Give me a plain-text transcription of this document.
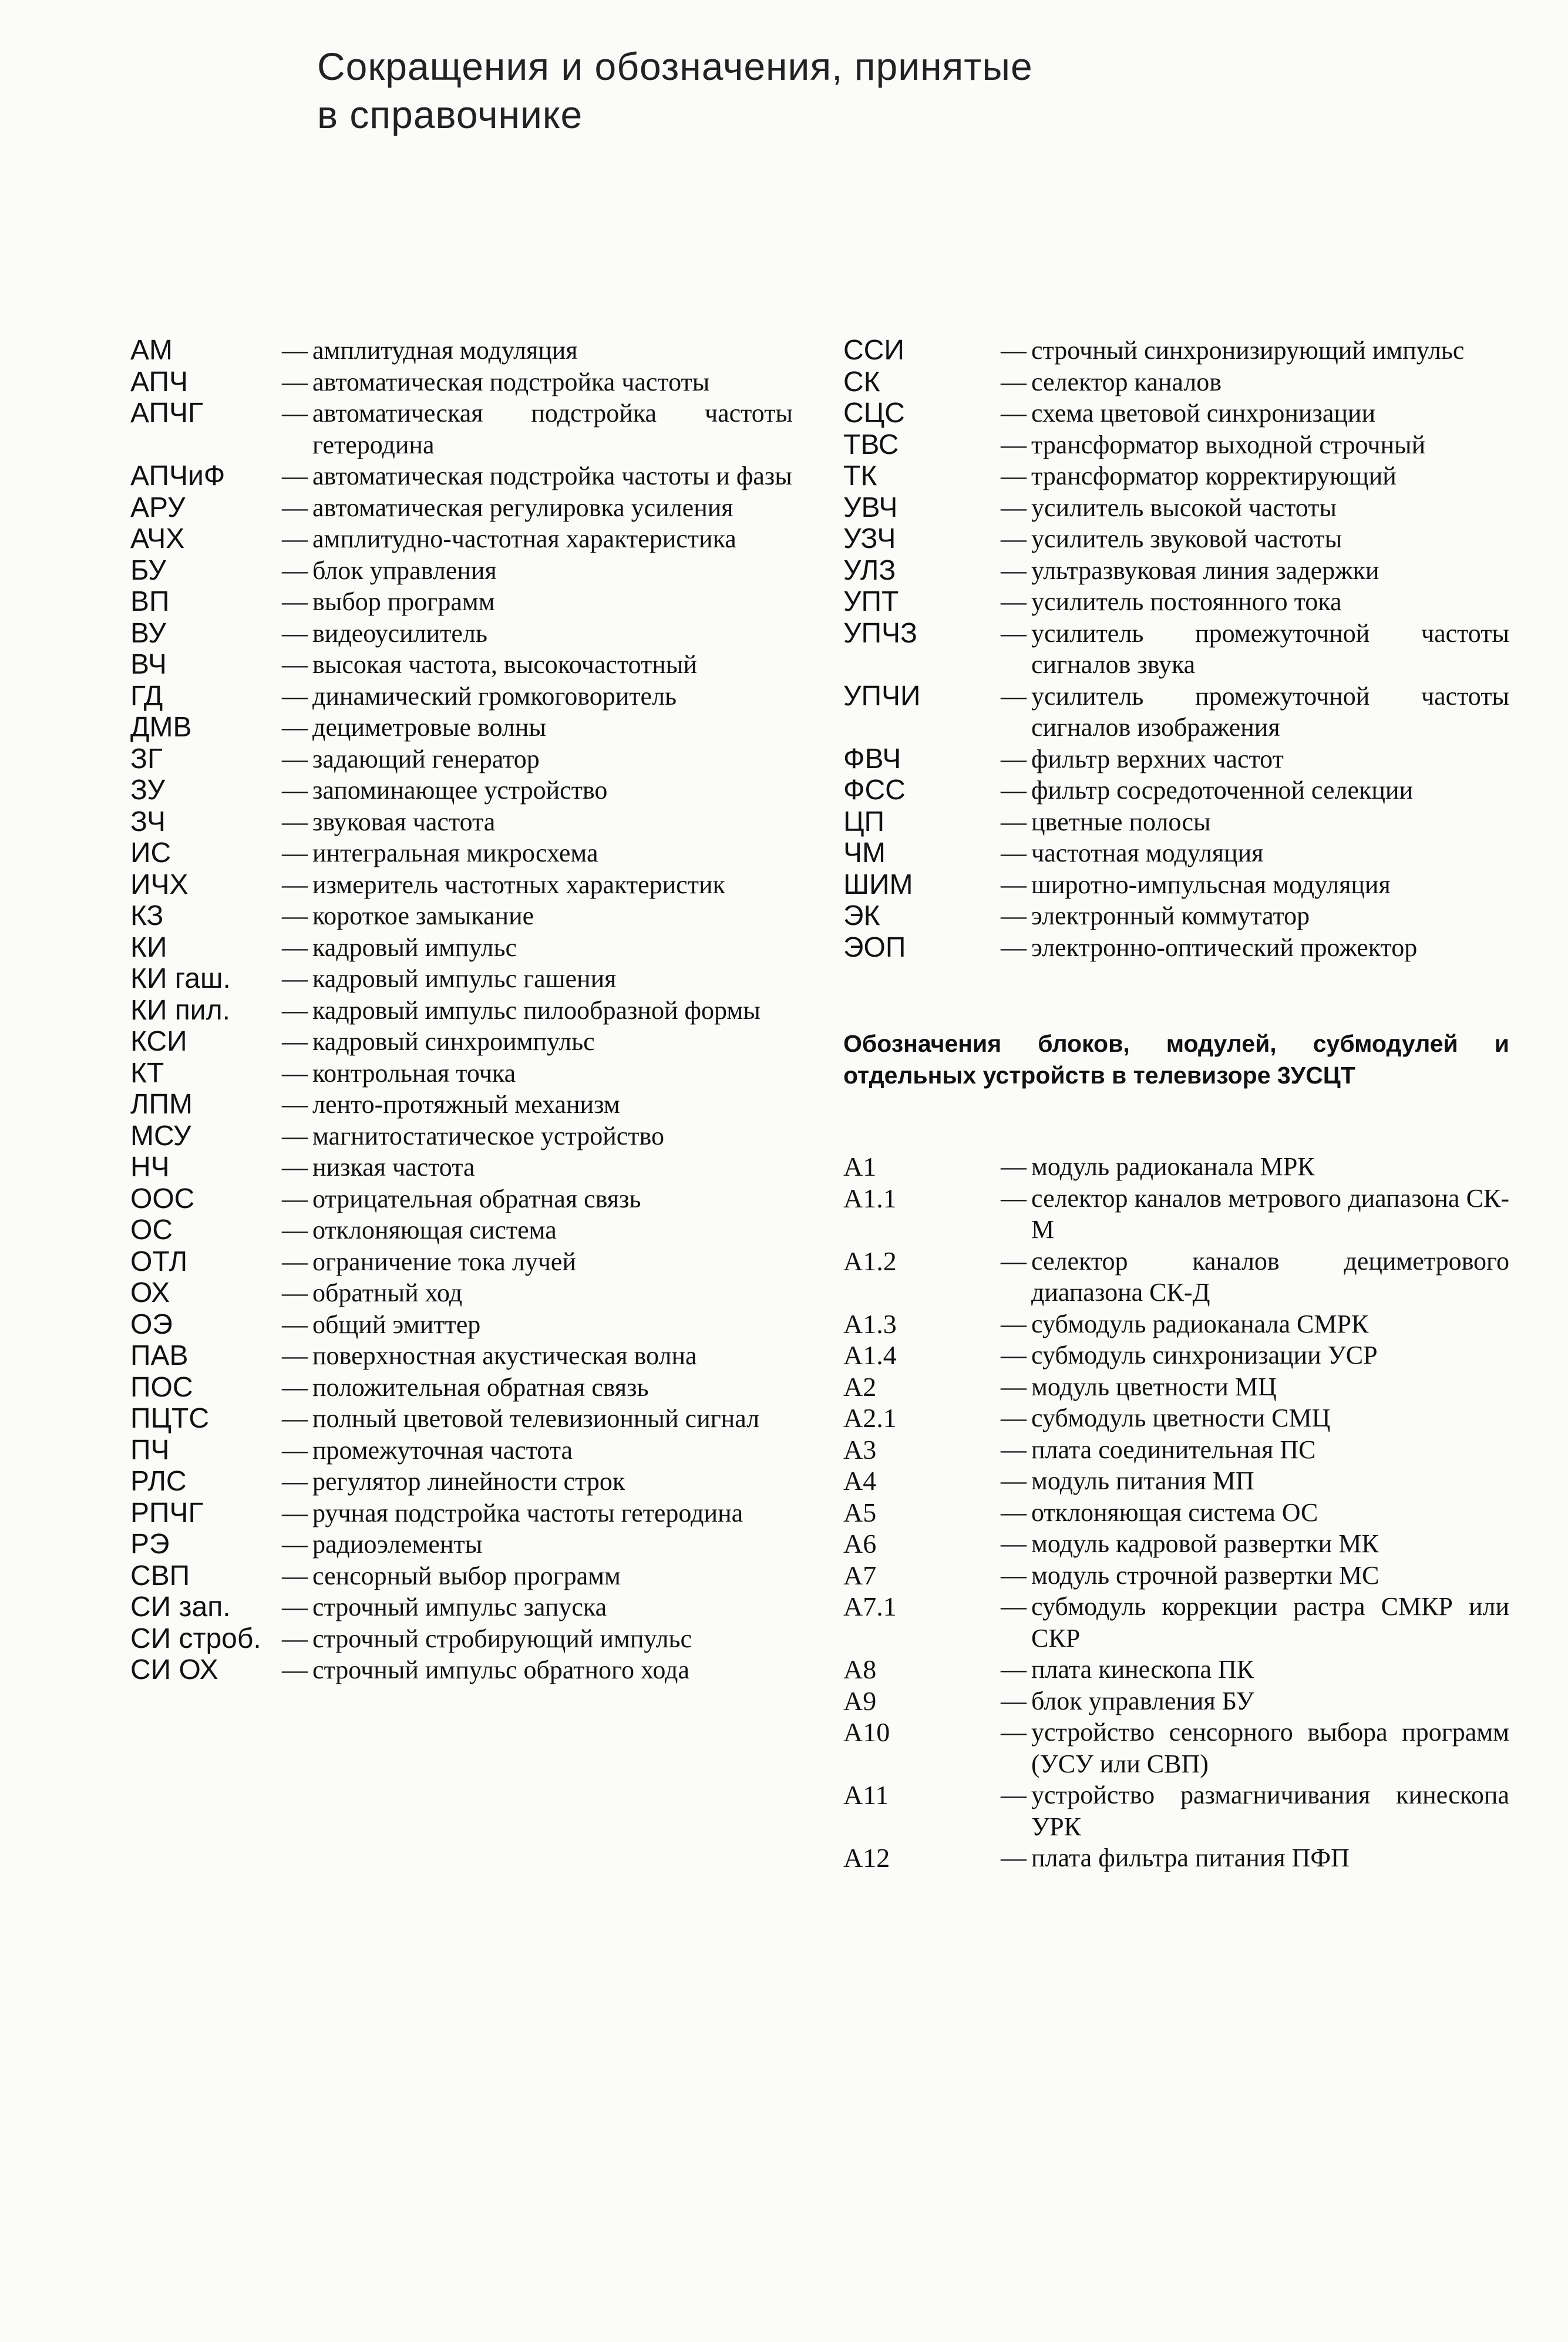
Сокращения и обозначения, принятые
в справочнике
АМ	— амплитудная модуляция
АПЧ	— автоматическая подстройка частоты
АПЧГ	— автоматическая подстройка частоты гетеродина
АПЧиФ	— автоматическая подстройка частоты и фазы
АРУ	— автоматическая регулировка усиления
АЧХ	— амплитудно-частотная характеристика
БУ	— блок управления
ВП	— выбор программ
ВУ	— видеоусилитель
ВЧ	— высокая частота, высокочастотный
ГД	— динамический громкоговоритель
ДМВ	— дециметровые волны
ЗГ	— задающий генератор
ЗУ	— запоминающее устройство
ЗЧ	— звуковая частота
ИС	— интегральная микросхема
ИЧХ	— измеритель частотных характеристик
КЗ	— короткое замыкание
КИ	— кадровый импульс
КИ гаш.	— кадровый импульс гашения
КИ пил.	— кадровый импульс пилообразной формы
КСИ	— кадровый синхроимпульс
КТ	— контрольная точка
ЛПМ	— ленто-протяжный механизм
МСУ	— магнитостатическое устройство
НЧ	— низкая частота
ООС	— отрицательная обратная связь
ОС	— отклоняющая система
ОТЛ	— ограничение тока лучей
ОХ	— обратный ход
ОЭ	— общий эмиттер
ПАВ	— поверхностная акустическая волна
ПОС	— положительная обратная связь
ПЦТС	— полный цветовой телевизионный сигнал
ПЧ	— промежуточная частота
РЛС	— регулятор линейности строк
РПЧГ	— ручная подстройка частоты гетеродина
РЭ	— радиоэлементы
СВП	— сенсорный выбор программ
СИ зап.	— строчный импульс запуска
СИ строб. — строчный стробирующий импульс
СИ ОХ	— строчный импульс обратного хода
ССИ	— строчный синхронизирующий импульс
СК	— селектор каналов
СЦС	— схема цветовой синхронизации
ТВС	— трансформатор выходной строчный
ТК	— трансформатор корректирующий
УВЧ	— усилитель высокой частоты
УЗЧ	— усилитель звуковой частоты
УЛЗ	— ультразвуковая линия задержки
УПТ	— усилитель постоянного тока
УПЧЗ	— усилитель промежуточной частоты сигналов звука
УПЧИ	— усилитель промежуточной частоты сигналов изображения
ФВЧ	— фильтр верхних частот
ФСС	— фильтр сосредоточенной селекции
ЦП	— цветные полосы
ЧМ	— частотная модуляция
ШИМ	— широтно-импульсная модуляция
ЭК	— электронный коммутатор
ЭОП	— электронно-оптический прожектор
Обозначения блоков, модулей, субмодулей и отдельных устройств в телевизоре 3УСЦТ
А1	— модуль радиоканала МРК
А1.1	— селектор каналов метрового диапазона СК-М
А1.2	— селектор каналов дециметрового диапазона СК-Д
А1.3	— субмодуль радиоканала СМРК
А1.4	— субмодуль синхронизации УСР
А2	— модуль цветности МЦ
А2.1	— субмодуль цветности СМЦ
А3	— плата соединительная ПС
А4	— модуль питания МП
А5	— отклоняющая система ОС
А6	— модуль кадровой развертки МК
А7	— модуль строчной развертки МС
А7.1	— субмодуль коррекции растра СМКР или СКР
А8	— плата кинескопа ПК
А9	— блок управления БУ
А10	— устройство сенсорного выбора программ (УСУ или СВП)
А11	— устройство размагничивания кинескопа УРК
А12	— плата фильтра питания ПФП
